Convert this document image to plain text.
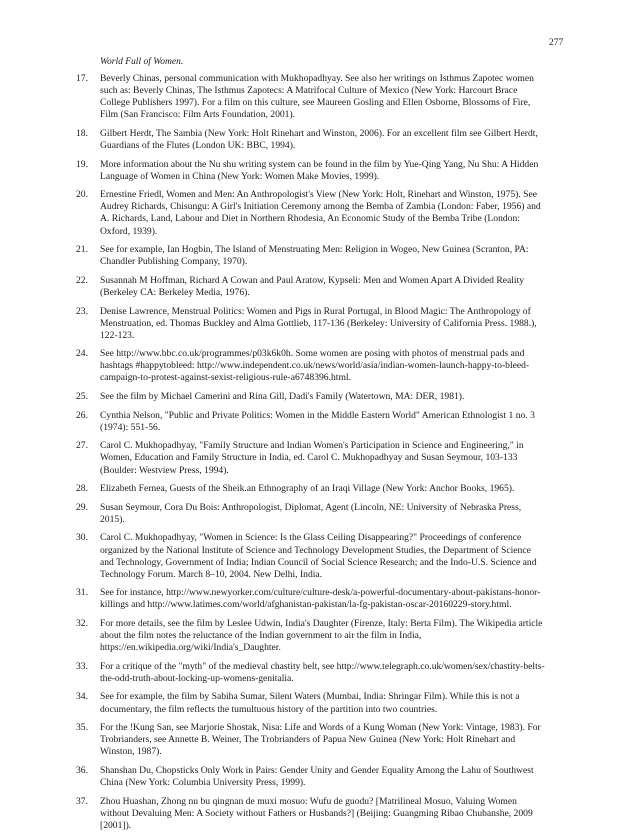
277
World Full of Women.
17. Beverly Chinas, personal communication with Mukhopadhyay. See also her writings on Isthmus Zapotec women such as: Beverly Chinas, The Isthmus Zapotecs: A Matrifocal Culture of Mexico (New York: Harcourt Brace College Publishers 1997). For a film on this culture, see Maureen Gosling and Ellen Osborne, Blossoms of Fire, Film (San Francisco: Film Arts Foundation, 2001).
18. Gilbert Herdt, The Sambia (New York: Holt Rinehart and Winston, 2006). For an excellent film see Gilbert Herdt, Guardians of the Flutes (London UK: BBC, 1994).
19. More information about the Nu shu writing system can be found in the film by Yue-Qing Yang, Nu Shu: A Hidden Language of Women in China (New York: Women Make Movies, 1999).
20. Ernestine Friedl, Women and Men: An Anthropologist's View (New York: Holt, Rinehart and Winston, 1975). See Audrey Richards, Chisungu: A Girl's Initiation Ceremony among the Bemba of Zambia (London: Faber, 1956) and A. Richards, Land, Labour and Diet in Northern Rhodesia, An Economic Study of the Bemba Tribe (London: Oxford, 1939).
21. See for example, Ian Hogbin, The Island of Menstruating Men: Religion in Wogeo, New Guinea (Scranton, PA: Chandler Publishing Company, 1970).
22. Susannah M Hoffman, Richard A Cowan and Paul Aratow, Kypseli: Men and Women Apart A Divided Reality (Berkeley CA: Berkeley Media, 1976).
23. Denise Lawrence, Menstrual Politics: Women and Pigs in Rural Portugal, in Blood Magic: The Anthropology of Menstruation, ed. Thomas Buckley and Alma Gottlieb, 117-136 (Berkeley: University of California Press. 1988.), 122-123.
24. See http://www.bbc.co.uk/programmes/p03k6k0h. Some women are posing with photos of menstrual pads and hashtags #happytobleed: http://www.independent.co.uk/news/world/asia/indian-women-launch-happy-to-bleed-campaign-to-protest-against-sexist-religious-rule-a6748396.html.
25. See the film by Michael Camerini and Rina Gill, Dadi's Family (Watertown, MA: DER, 1981).
26. Cynthia Nelson, "Public and Private Politics: Women in the Middle Eastern World" American Ethnologist 1 no. 3 (1974): 551-56.
27. Carol C. Mukhopadhyay, "Family Structure and Indian Women's Participation in Science and Engineering," in Women, Education and Family Structure in India, ed. Carol C. Mukhopadhyay and Susan Seymour, 103-133 (Boulder: Westview Press, 1994).
28. Elizabeth Fernea, Guests of the Sheik.an Ethnography of an Iraqi Village (New York: Anchor Books, 1965).
29. Susan Seymour, Cora Du Bois: Anthropologist, Diplomat, Agent (Lincoln, NE: University of Nebraska Press, 2015).
30. Carol C. Mukhopadhyay, "Women in Science: Is the Glass Ceiling Disappearing?" Proceedings of conference organized by the National Institute of Science and Technology Development Studies, the Department of Science and Technology, Government of India; Indian Council of Social Science Research; and the Indo-U.S. Science and Technology Forum. March 8–10, 2004. New Delhi, India.
31. See for instance, http://www.newyorker.com/culture/culture-desk/a-powerful-documentary-about-pakistans-honor-killings and http://www.latimes.com/world/afghanistan-pakistan/la-fg-pakistan-oscar-20160229-story.html.
32. For more details, see the film by Leslee Udwin, India's Daughter (Firenze, Italy: Berta Film). The Wikipedia article about the film notes the reluctance of the Indian government to air the film in India, https://en.wikipedia.org/wiki/India's_Daughter.
33. For a critique of the "myth" of the medieval chastity belt, see http://www.telegraph.co.uk/women/sex/chastity-belts-the-odd-truth-about-locking-up-womens-genitalia.
34. See for example, the film by Sabiha Sumar, Silent Waters (Mumbai, India: Shringar Film). While this is not a documentary, the film reflects the tumultuous history of the partition into two countries.
35. For the !Kung San, see Marjorie Shostak, Nisa: Life and Words of a Kung Woman (New York: Vintage, 1983). For Trobrianders, see Annette B. Weiner, The Trobrianders of Papua New Guinea (New York: Holt Rinehart and Winston, 1987).
36. Shanshan Du, Chopsticks Only Work in Pairs: Gender Unity and Gender Equality Among the Lahu of Southwest China (New York: Columbia University Press, 1999).
37. Zhou Huashan, Zhong nu bu qingnan de muxi mosuo: Wufu de guodu? [Matrilineal Mosuo, Valuing Women without Devaluing Men: A Society without Fathers or Husbands?] (Beijing: Guangming Ribao Chubanshe, 2009 [2001]).
